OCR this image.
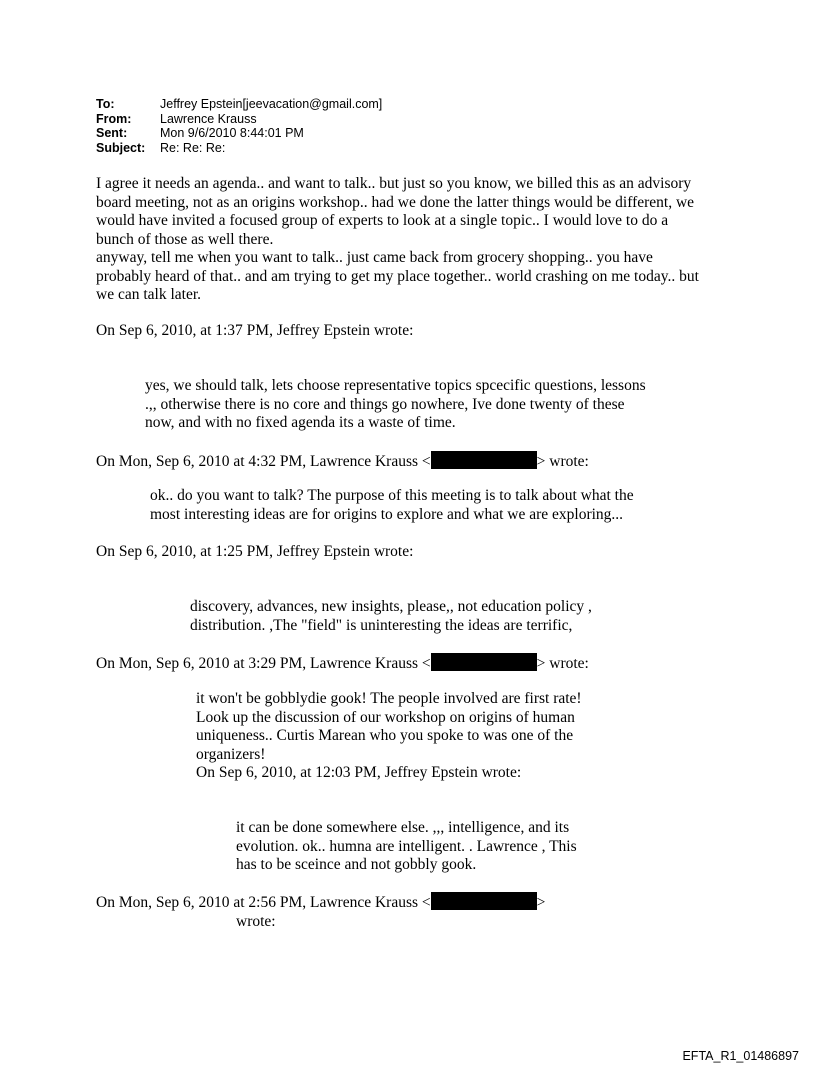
To:	Jeffrey Epstein[jeevacation@gmail.com]
From:	Lawrence Krauss
Sent:	Mon 9/6/2010 8:44:01 PM
Subject:	Re: Re: Re:

I agree it needs an agenda.. and want to talk.. but just so you know, we billed this as an advisory

board meeting, not as an origins workshop.. had we done the latter things would be different, we

would have invited a focused group of experts to look at a single topic.. I would love to do a

bunch of those as well there.

anyway, tell me when you want to talk.. just came back from grocery shopping.. you have

probably heard of that.. and am trying to get my place together.. world crashing on me today.. but

we can talk later.

On Sep 6, 2010, at 1:37 PM, Jeffrey Epstein wrote:

yes, we should talk, lets choose representative topics spcecific questions, lessons

.,, otherwise there is no core and things go nowhere, Ive done twenty of these

now, and with no fixed agenda its a waste of time.

On Mon, Sep 6, 2010 at 4:32 PM, Lawrence Krauss <	> wrote:

ok.. do you want to talk? The purpose of this meeting is to talk about what the

most interesting ideas are for origins to explore and what we are exploring...

On Sep 6, 2010, at 1:25 PM, Jeffrey Epstein wrote:

discovery, advances, new insights, please,, not education policy ,

distribution. ,The "field" is uninteresting the ideas are terrific,

On Mon, Sep 6, 2010 at 3:29 PM, Lawrence Krauss <	> wrote:

it won't be gobblydie gook! The people involved are first rate!

Look up the discussion of our workshop on origins of human

uniqueness.. Curtis Marean who you spoke to was one of the

organizers!

On Sep 6, 2010, at 12:03 PM, Jeffrey Epstein wrote:

it can be done somewhere else. ,,, intelligence, and its

evolution. ok.. humna are intelligent. . Lawrence , This

has to be sceince and not gobbly gook.

On Mon, Sep 6, 2010 at 2:56 PM, Lawrence Krauss <	>

wrote:

EFTA_R1_01486897
